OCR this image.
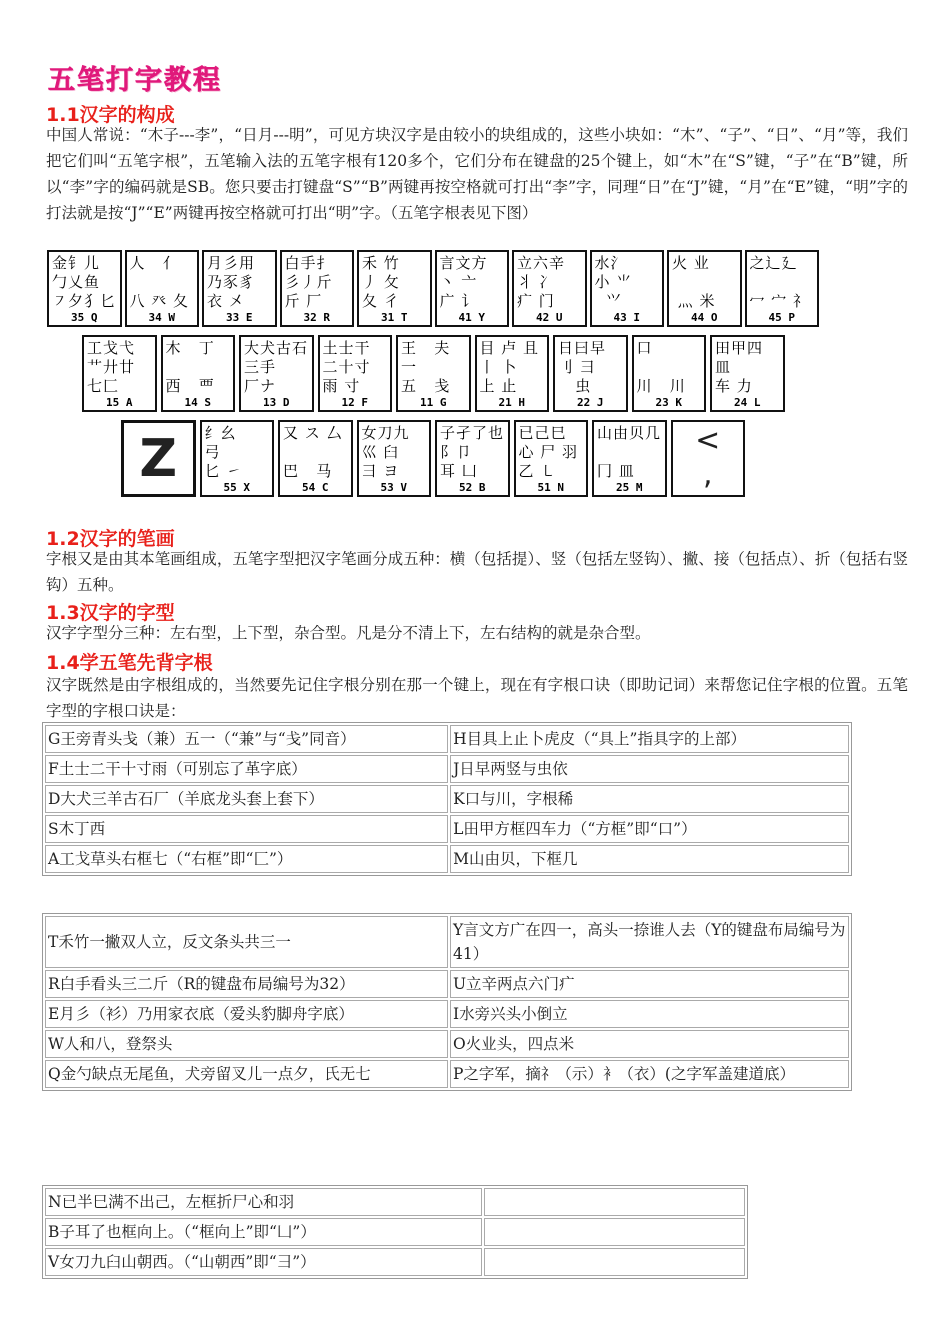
五笔打字教程
1.1汉字的构成
中国人常说：“木子---李”，“日月---明”，可见方块汉字是由较小的块组成的，这些小块如：“木”、“子”、“日”、“月”等，我们把它们叫“五笔字根”，五笔输入法的五笔字根有120多个，它们分布在键盘的25个键上，如“木”在“S”键，“子”在“B”键，所以“李”字的编码就是SB。您只要击打键盘“S”“B”两键再按空格就可打出“李”字，同理“日”在“J”键，“月”在“E”键，“明”字的打法就是按“J”“E”两键再按空格就可打出“明”字。（五笔字根表见下图）
金钅儿
勹乂鱼
㇇夕犭匕
35 Q
人   亻

八 癶 夂
34 W
月彡用
乃豕豸
衣 㐅
33 E
白手扌
彡丿斤
斤 厂
32 R
禾 竹
丿 攵
夂 彳
31 T
言文方
丶 亠
广 讠
41 Y
立六辛
丬 冫
疒 门
42 U
水氵
小 ⺌
⺍
43 I
火 业

灬 米
44 O
之辶廴

冖 宀 礻
45 P
工戈弋
艹廾廿
七匚
15 A
木   丁

西   覀
14 S
大犬古石
三手
厂ナ
13 D
土士干
二十寸
雨 寸
12 F
王   夫
一
五   戋
11 G
目 卢 且
丨 卜
上 止
21 H
日曰早
刂 ⺕
虫
22 J
口

川   川
23 K
田甲四
皿
车 力
24 L
Z	纟幺
弓
匕 ㇀
55 X
又 ス 厶

巴   马
54 C
女刀九
巛 臼
彐 ヨ
53 V
子孑了也
阝卩
耳 凵
52 B
已己巳
心 尸 羽
乙 ㇄
51 N
山由贝几

冂 皿
25 M
<
,
1.2汉字的笔画
字根又是由其本笔画组成，五笔字型把汉字笔画分成五种：横（包括提）、竖（包括左竖钩）、撇、接（包括点）、折（包括右竖钩）五种。
1.3汉字的字型
汉字字型分三种：左右型，上下型，杂合型。凡是分不清上下，左右结构的就是杂合型。
1.4学五笔先背字根
汉字既然是由字根组成的，当然要先记住字根分别在那一个键上，现在有字根口诀（即助记词）来帮您记住字根的位置。五笔字型的字根口诀是：
G王旁青头戋（兼）五一（“兼”与“戋”同音）	H目具上止卜虎皮（“具上”指具字的上部）
F土士二干十寸雨（可别忘了革字底）	J日早两竖与虫依
D大犬三羊古石厂（羊底龙头套上套下）	K口与川，字根稀
S木丁西	L田甲方框四车力（“方框”即“口”）
A工戈草头右框七（“右框”即“匚”）	M山由贝，下框几
T禾竹一撇双人立，反文条头共三一	Y言文方广在四一，高头一捺谁人去（Y的键盘布局编号为41）
R白手看头三二斤（R的键盘布局编号为32）	U立辛两点六门疒
E月彡（衫）乃用家衣底（爱头豹脚舟字底）	I水旁兴头小倒立
W人和八，登祭头	O火业头，四点米
Q金勺缺点无尾鱼，犬旁留叉儿一点夕，氏无七	P之字军，摘礻（示）衤（衣）(之字军盖建道底）
N已半巳满不出己，左框折尸心和羽	
B子耳了也框向上。（“框向上”即“凵”）	
V女刀九臼山朝西。（“山朝西”即“彐”）	
